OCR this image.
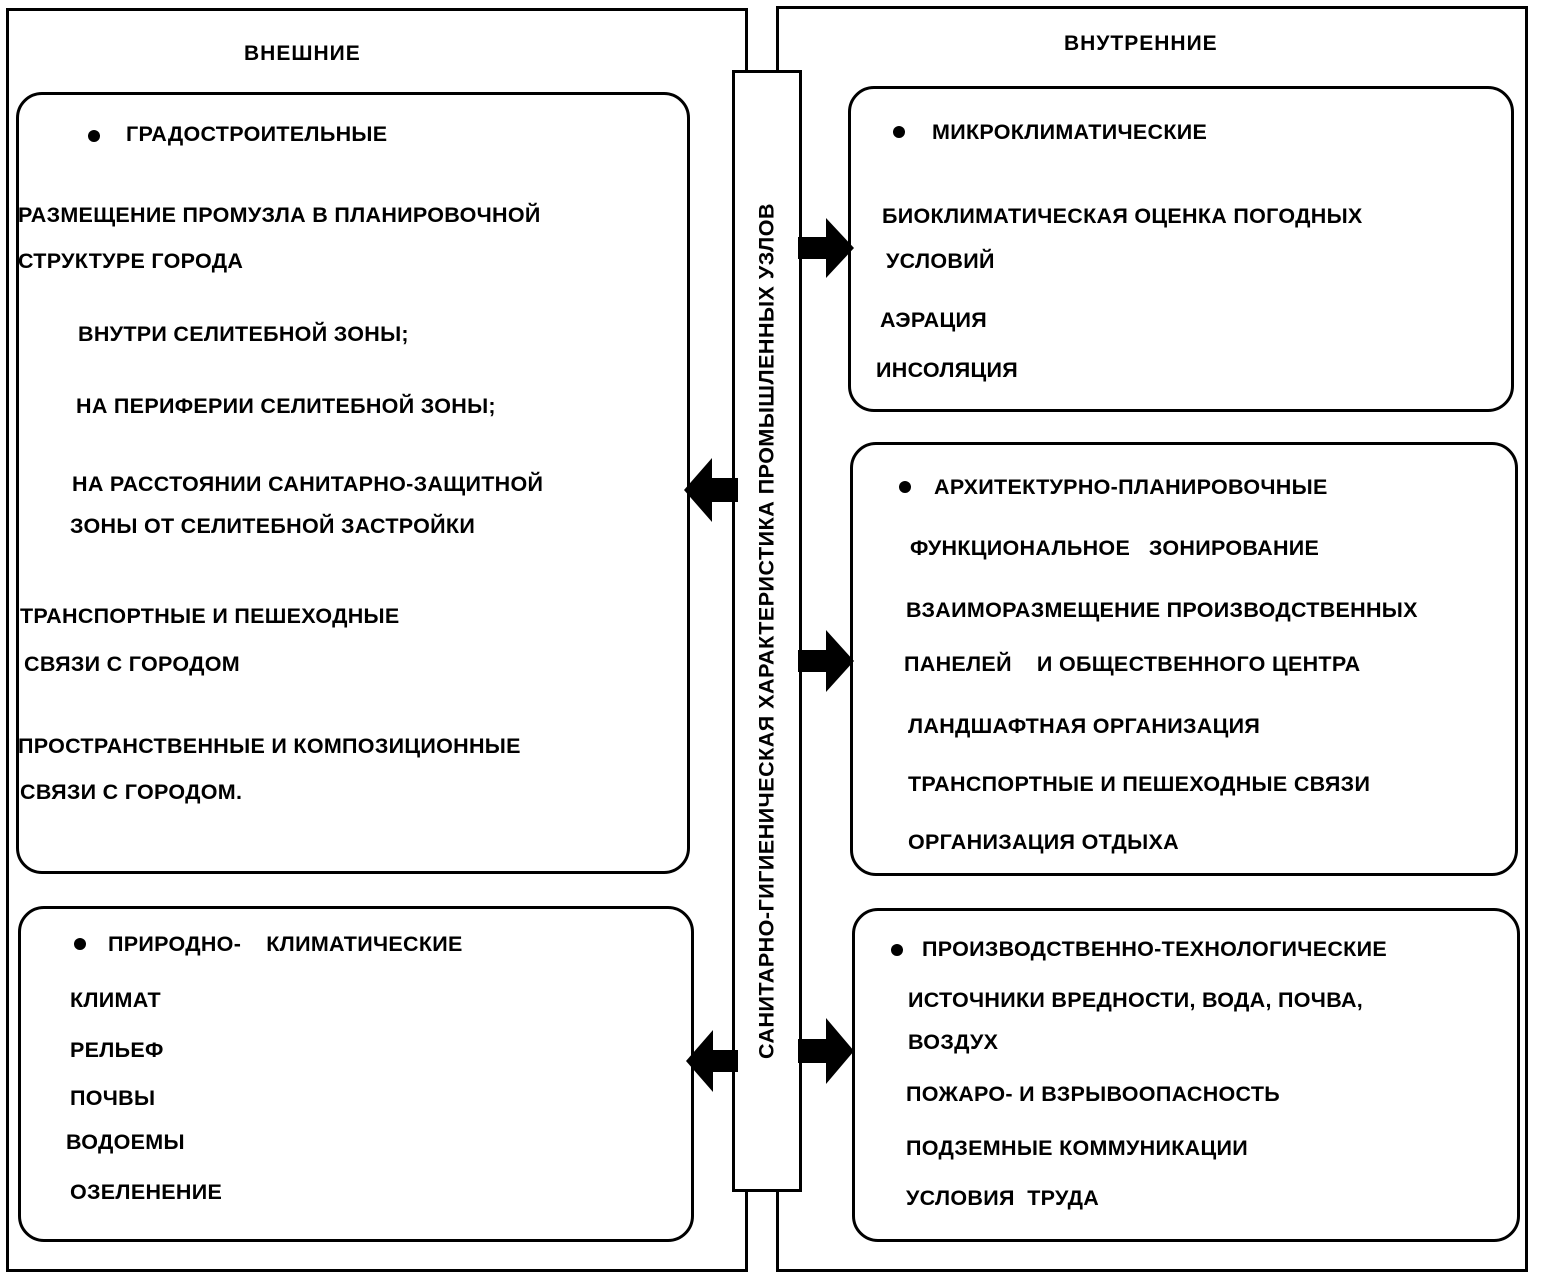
ВНЕШНИЕ	ВНУТРЕННИЕ
ГРАДОСТРОИТЕЛЬНЫЕ
РАЗМЕЩЕНИЕ ПРОМУЗЛА В ПЛАНИРОВОЧНОЙ
СТРУКТУРЕ ГОРОДА
ВНУТРИ СЕЛИТЕБНОЙ ЗОНЫ;
НА ПЕРИФЕРИИ СЕЛИТЕБНОЙ ЗОНЫ;
НА РАССТОЯНИИ САНИТАРНО-ЗАЩИТНОЙ
ЗОНЫ ОТ СЕЛИТЕБНОЙ ЗАСТРОЙКИ
ТРАНСПОРТНЫЕ И ПЕШЕХОДНЫЕ
СВЯЗИ С ГОРОДОМ
ПРОСТРАНСТВЕННЫЕ И КОМПОЗИЦИОННЫЕ
СВЯЗИ С ГОРОДОМ.
ПРИРОДНО-    КЛИМАТИЧЕСКИЕ
КЛИМАТ
РЕЛЬЕФ
ПОЧВЫ
ВОДОЕМЫ
ОЗЕЛЕНЕНИЕ
МИКРОКЛИМАТИЧЕСКИЕ
БИОКЛИМАТИЧЕСКАЯ ОЦЕНКА ПОГОДНЫХ
УСЛОВИЙ
АЭРАЦИЯ
ИНСОЛЯЦИЯ
АРХИТЕКТУРНО-ПЛАНИРОВОЧНЫЕ
ФУНКЦИОНАЛЬНОЕ   ЗОНИРОВАНИЕ
ВЗАИМОРАЗМЕЩЕНИЕ ПРОИЗВОДСТВЕННЫХ
ПАНЕЛЕЙ    И ОБЩЕСТВЕННОГО ЦЕНТРА
ЛАНДШАФТНАЯ ОРГАНИЗАЦИЯ
ТРАНСПОРТНЫЕ И ПЕШЕХОДНЫЕ СВЯЗИ
ОРГАНИЗАЦИЯ ОТДЫХА
ПРОИЗВОДСТВЕННО-ТЕХНОЛОГИЧЕСКИЕ
ИСТОЧНИКИ ВРЕДНОСТИ, ВОДА, ПОЧВА,
ВОЗДУХ
ПОЖАРО- И ВЗРЫВООПАСНОСТЬ
ПОДЗЕМНЫЕ КОММУНИКАЦИИ
УСЛОВИЯ  ТРУДА
САНИТАРНО-ГИГИЕНИЧЕСКАЯ ХАРАКТЕРИСТИКА ПРОМЫШЛЕННЫХ УЗЛОВ
